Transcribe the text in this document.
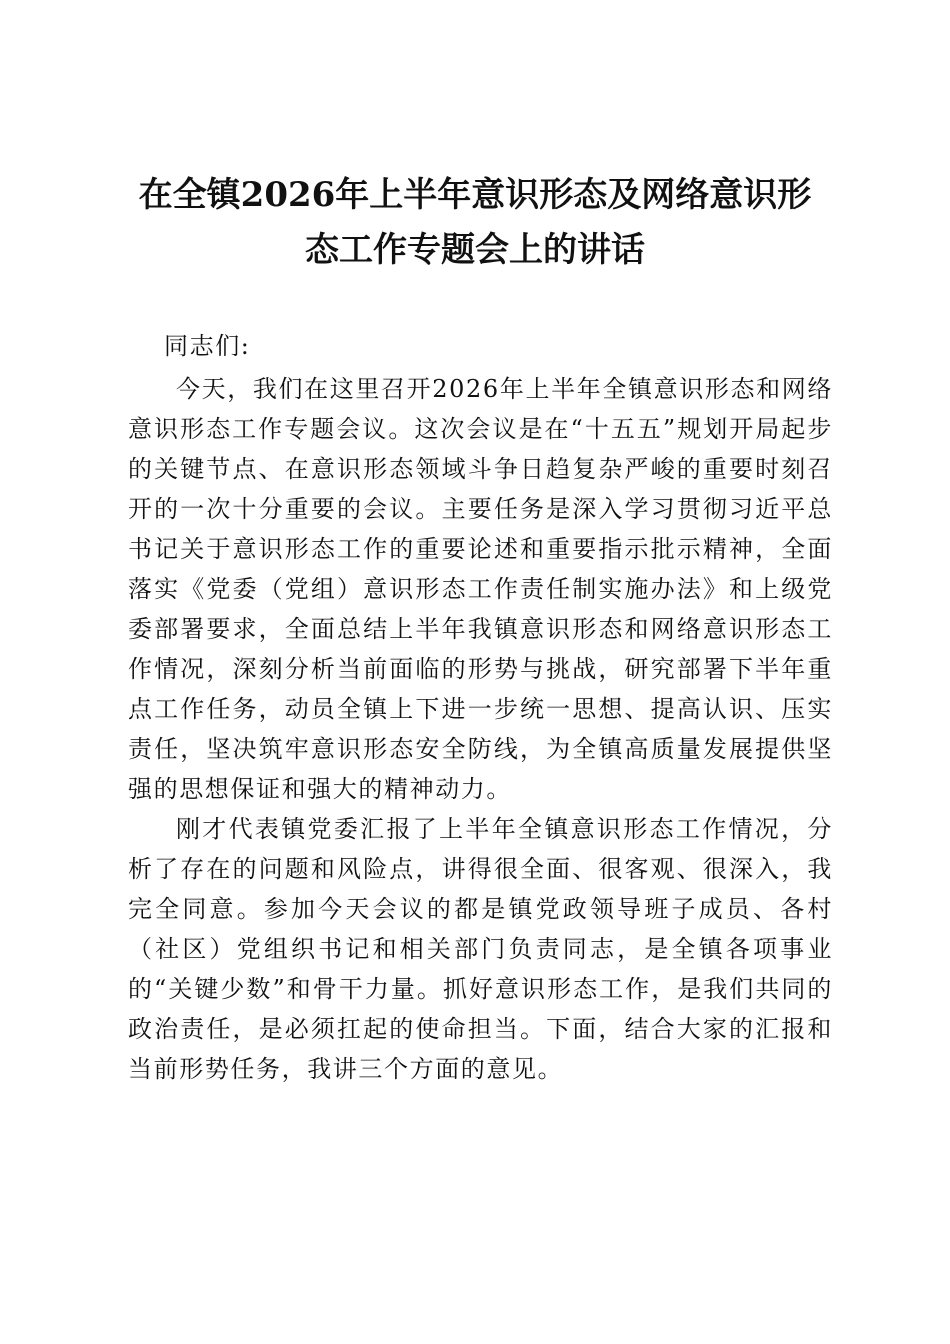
在全镇2026年上半年意识形态及网络意识形
态工作专题会上的讲话

同志们:

今天，我们在这里召开2026年上半年全镇意识形态和网络意识形态工作专题会议。这次会议是在“十五五”规划开局起步的关键节点、在意识形态领域斗争日趋复杂严峻的重要时刻召开的一次十分重要的会议。主要任务是深入学习贯彻习近平总书记关于意识形态工作的重要论述和重要指示批示精神，全面落实《党委（党组）意识形态工作责任制实施办法》和上级党委部署要求，全面总结上半年我镇意识形态和网络意识形态工作情况，深刻分析当前面临的形势与挑战，研究部署下半年重点工作任务，动员全镇上下进一步统一思想、提高认识、压实责任，坚决筑牢意识形态安全防线，为全镇高质量发展提供坚强的思想保证和强大的精神动力。

刚才代表镇党委汇报了上半年全镇意识形态工作情况，分析了存在的问题和风险点，讲得很全面、很客观、很深入，我完全同意。参加今天会议的都是镇党政领导班子成员、各村（社区）党组织书记和相关部门负责同志，是全镇各项事业的“关键少数”和骨干力量。抓好意识形态工作，是我们共同的政治责任，是必须扛起的使命担当。下面，结合大家的汇报和当前形势任务，我讲三个方面的意见。
